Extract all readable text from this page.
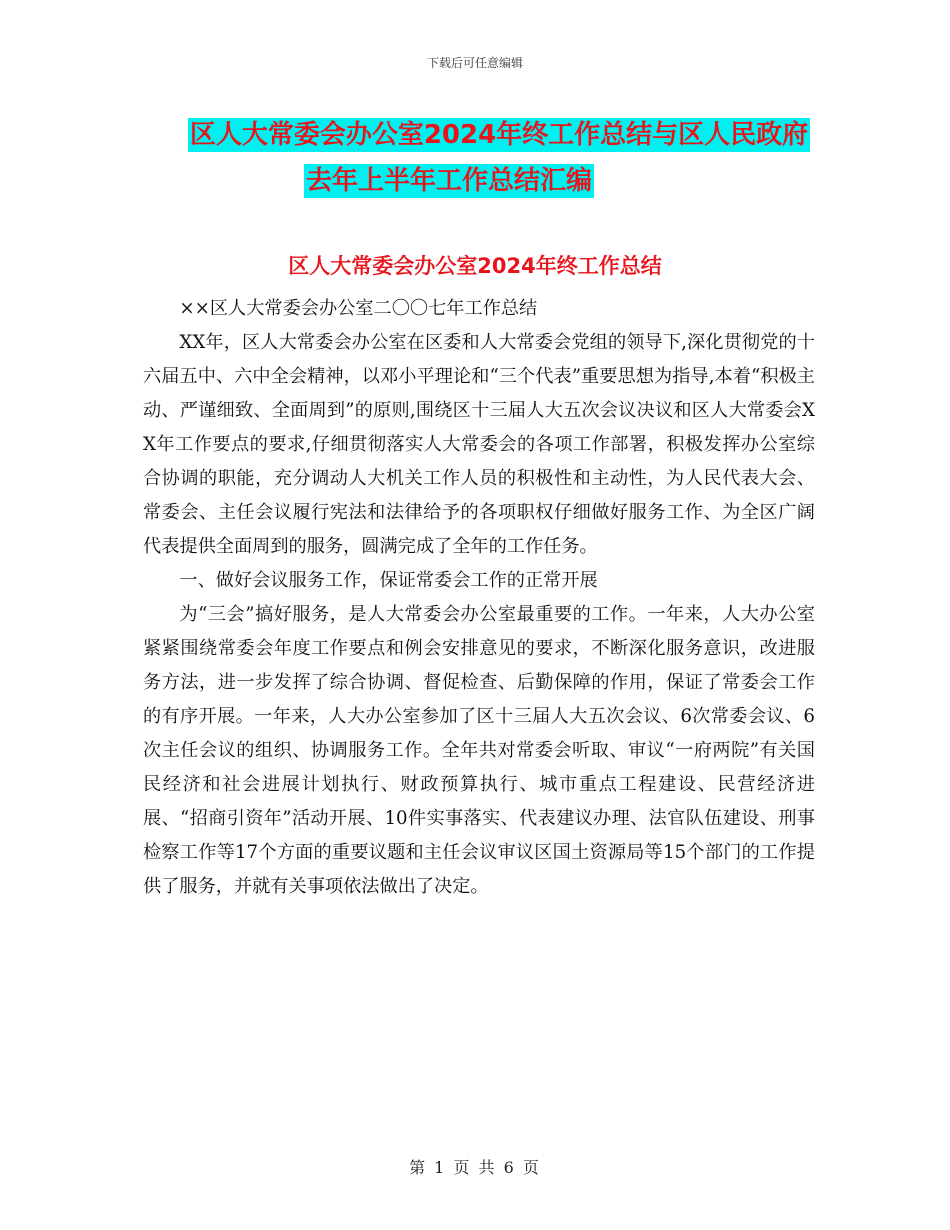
下载后可任意编辑
区人大常委会办公室2024年终工作总结与区人民政府
去年上半年工作总结汇编
区人大常委会办公室2024年终工作总结

××区人大常委会办公室二〇〇七年工作总结

XX年，区人大常委会办公室在区委和人大常委会党组的领导下,深化贯彻党的十六届五中、六中全会精神，以邓小平理论和“三个代表”重要思想为指导,本着“积极主动、严谨细致、全面周到”的原则,围绕区十三届人大五次会议决议和区人大常委会XX年工作要点的要求,仔细贯彻落实人大常委会的各项工作部署，积极发挥办公室综合协调的职能，充分调动人大机关工作人员的积极性和主动性，为人民代表大会、常委会、主任会议履行宪法和法律给予的各项职权仔细做好服务工作、为全区广阔代表提供全面周到的服务，圆满完成了全年的工作任务。

一、做好会议服务工作，保证常委会工作的正常开展

为“三会”搞好服务，是人大常委会办公室最重要的工作。一年来，人大办公室紧紧围绕常委会年度工作要点和例会安排意见的要求，不断深化服务意识，改进服务方法，进一步发挥了综合协调、督促检查、后勤保障的作用，保证了常委会工作的有序开展。一年来，人大办公室参加了区十三届人大五次会议、6次常委会议、6次主任会议的组织、协调服务工作。全年共对常委会听取、审议“一府两院”有关国民经济和社会进展计划执行、财政预算执行、城市重点工程建设、民营经济进展、“招商引资年”活动开展、10件实事落实、代表建议办理、法官队伍建设、刑事检察工作等17个方面的重要议题和主任会议审议区国土资源局等15个部门的工作提供了服务，并就有关事项依法做出了决定。

第 1 页 共 6 页
